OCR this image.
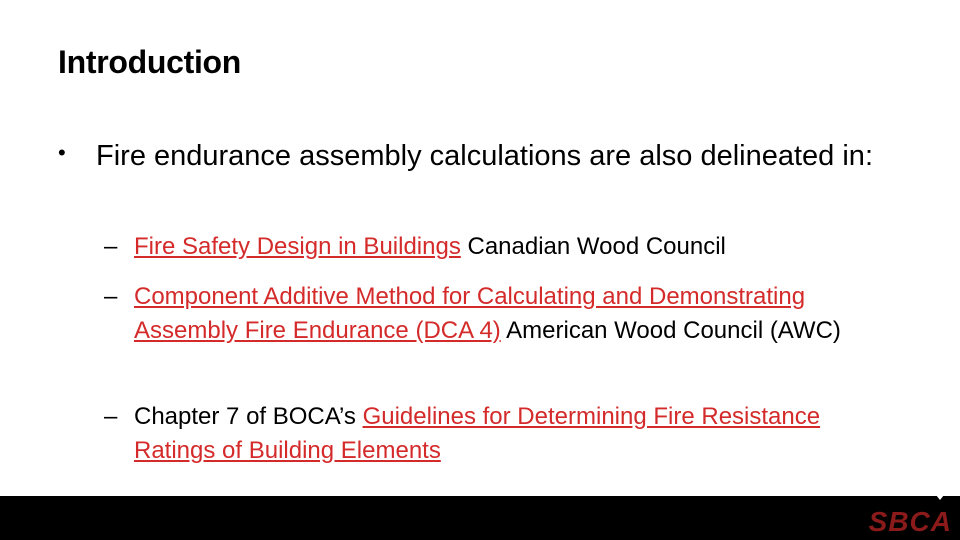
Introduction
• Fire endurance assembly calculations are also delineated in:
– Fire Safety Design in Buildings Canadian Wood Council
– Component Additive Method for Calculating and Demonstrating Assembly Fire Endurance (DCA 4) American Wood Council (AWC)
– Chapter 7 of BOCA’s Guidelines for Determining Fire Resistance Ratings of Building Elements
SBCA
